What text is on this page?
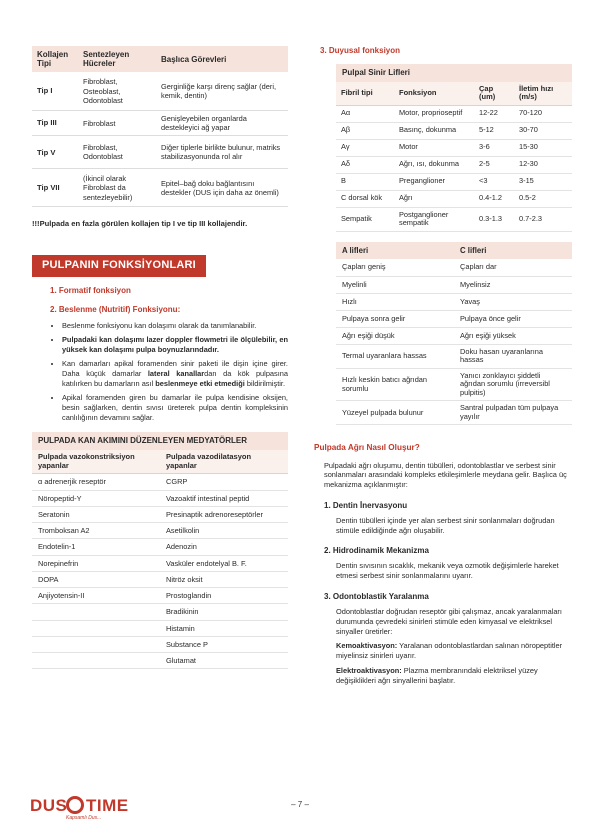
Kollajen Tipi	Sentezleyen Hücreler	Başlıca Görevleri
Tip I	Fibroblast, Osteoblast, Odontoblast	Gerginliğe karşı direnç sağlar (deri, kemik, dentin)
Tip III	Fibroblast	Genişleyebilen organlarda destekleyici ağ yapar
Tip V	Fibroblast, Odontoblast	Diğer tiplerle birlikte bulunur, matriks stabilizasyonunda rol alır
Tip VII	(İkincil olarak Fibroblast da sentezleyebilir)	Epitel–bağ doku bağlantısını destekler (DUS için daha az önemli)
!!!Pulpada en fazla görülen kollajen tip I ve tip III kollajendir.
PULPANIN FONKSİYONLARI
1. Formatif fonksiyon
2. Beslenme (Nutritif) Fonksiyonu:
• Beslenme fonksiyonu kan dolaşımı olarak da tanımlanabilir.
• Pulpadaki kan dolaşımı lazer doppler flowmetri ile ölçülebilir, en yüksek kan dolaşımı pulpa boynuzlarındadır.
• Kan damarları apikal foramenden sinir paketi ile dişin içine girer. Daha küçük damarlar lateral kanallardan da kök pulpasına katılırken bu damarların asıl beslenmeye etki etmediği bildirilmiştir.
• Apikal foramenden giren bu damarlar ile pulpa kendisine oksijen, besin sağlarken, dentin sıvısı üreterek pulpa dentin kompleksinin canlılığının devamını sağlar.
PULPADA KAN AKIMINI DÜZENLEYEN MEDYATÖRLER
Pulpada vazokonstriksiyon yapanlar	Pulpada vazodilatasyon yapanlar
α adrenerjik reseptör	CGRP
Nöropeptid-Y	Vazoaktif intestinal peptid
Seratonin	Presinaptik adrenoreseptörler
Tromboksan A2	Asetilkolin
Endotelin-1	Adenozin
Norepinefrin	Vasküler endotelyal B. F.
DOPA	Nitröz oksit
Anjiyotensin-II	Prostoglandin
	Bradikinin
	Histamin
	Substance P
	Glutamat
3. Duyusal fonksiyon
Pulpal Sinir Lifleri
Fibril tipi	Fonksiyon	Çap (um)	İletim hızı (m/s)
Aα	Motor, proprioseptif	12-22	70-120
Aβ	Basınç, dokunma	5-12	30-70
Aγ	Motor	3-6	15-30
Aδ	Ağrı, ısı, dokunma	2-5	12-30
B	Preganglioner	<3	3-15
C dorsal kök	Ağrı	0.4-1.2	0.5-2
Sempatik	Postganglioner sempatik	0.3-1.3	0.7-2.3
A lifleri	C lifleri
Çapları geniş	Çapları dar
Myelinli	Myelinsiz
Hızlı	Yavaş
Pulpaya sonra gelir	Pulpaya önce gelir
Ağrı eşiği düşük	Ağrı eşiği yüksek
Termal uyaranlara hassas	Doku hasarı uyaranlarına hassas
Hızlı keskin batıcı ağrıdan sorumlu	Yanıcı zonklayıcı şiddetli ağrıdan sorumlu (irreversibl pulpitis)
Yüzeyel pulpada bulunur	Santral pulpadan tüm pulpaya yayılır
Pulpada Ağrı Nasıl Oluşur?
Pulpadaki ağrı oluşumu, dentin tübülleri, odontoblastlar ve serbest sinir sonlanmaları arasındaki kompleks etkileşimlerle meydana gelir. Başlıca üç mekanizma açıklanmıştır:
1. Dentin İnervasyonu
Dentin tübülleri içinde yer alan serbest sinir sonlanmaları doğrudan stimüle edildiğinde ağrı oluşabilir.
2. Hidrodinamik Mekanizma
Dentin sıvısının sıcaklık, mekanik veya ozmotik değişimlerle hareket etmesi serbest sinir sonlanmalarını uyarır.
3. Odontoblastik Yaralanma
Odontoblastlar doğrudan reseptör gibi çalışmaz, ancak yaralanmaları durumunda çevredeki sinirleri stimüle eden kimyasal ve elektriksel sinyaller üretirler:
Kemoaktivasyon: Yaralanan odontoblastlardan salınan nöropeptitler miyelinsiz sinirleri uyarır.
Elektroaktivasyon: Plazma membranındaki elektriksel yüzey değişiklikleri ağrı sinyallerini başlatır.
DUS TIME
Kapsamlı Dus...
– 7 –
